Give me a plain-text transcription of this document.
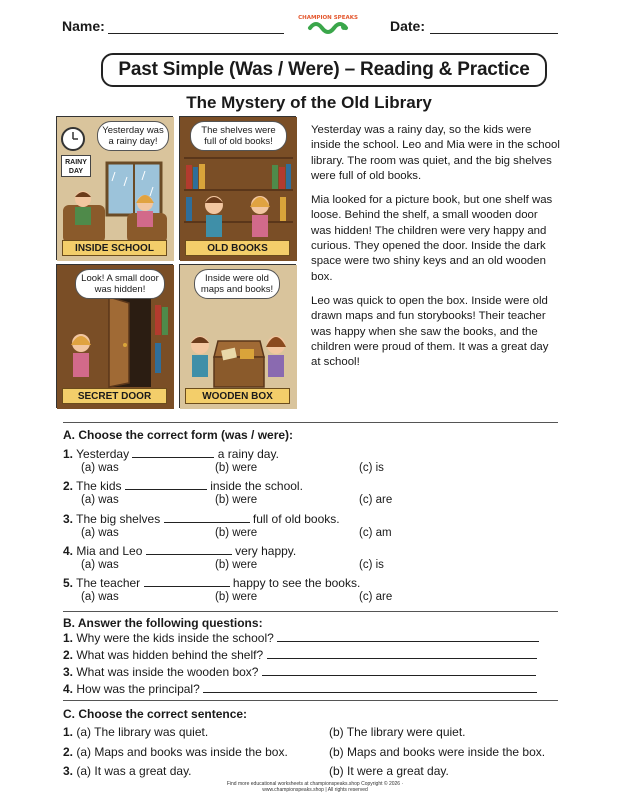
Name:	CHAMPION SPEAKS Date:
Past Simple (Was / Were) – Reading & Practice
The Mystery of the Old Library
RAINY DAY
Yesterday was a rainy day!
INSIDE SCHOOL
The shelves were full of old books!
OLD BOOKS
Look! A small door was hidden!
SECRET DOOR
Inside were old maps and books!
WOODEN BOX

Yesterday was a rainy day, so the kids were inside the school. Leo and Mia were in the school library. The room was quiet, and the big shelves were full of old books.

Mia looked for a picture book, but one shelf was loose. Behind the shelf, a small wooden door was hidden! The children were very happy and curious. They opened the door. Inside the dark space were two shiny keys and an old wooden box.

Leo was quick to open the box. Inside were old drawn maps and fun storybooks! Their teacher was happy when she saw the books, and the children were proud of them. It was a great day at school!

A. Choose the correct form (was / were):
1. Yesterday	a rainy day.
(a) was	(b) were	(c) is
2. The kids	inside the school.
(a) was	(b) were	(c) are
3. The big shelves	full of old books.
(a) was	(b) were	(c) am
4. Mia and Leo	very happy.
(a) was	(b) were	(c) is
5. The teacher	happy to see the books.
(a) was	(b) were	(c) are
B. Answer the following questions:
1. Why were the kids inside the school?
2. What was hidden behind the shelf?
3. What was inside the wooden box?
4. How was the principal?
C. Choose the correct sentence:
1. (a) The library was quiet.	(b) The library were quiet.
2. (a) Maps and books was inside the box.	(b) Maps and books were inside the box.
3. (a) It was a great day.	(b) It were a great day.
Find more educational worksheets at championspeaks.shop Copyright © 2026 · www.championspeaks.shop | All rights reserved
